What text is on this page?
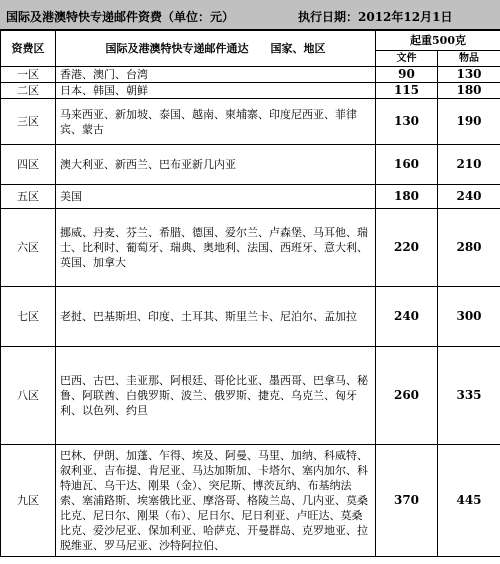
国际及港澳特快专递邮件资费（单位：元）	执行日期：2012年12月1日
资费区	国际及港澳特快专递邮件通达　　国家、地区	起重500克	
		文件	物品
一区	香港、澳门、台湾	90	130
二区	日本、韩国、朝鲜	115	180
三区	马来西亚、新加坡、泰国、越南、柬埔寨、印度尼西亚、菲律宾、蒙古	130	190
四区	澳大利亚、新西兰、巴布亚新几内亚	160	210
五区	美国	180	240
六区	挪威、丹麦、芬兰、希腊、德国、爱尔兰、卢森堡、马耳他、瑞士、比利时、葡萄牙、瑞典、奥地利、法国、西班牙、意大利、英国、加拿大	220	280
七区	老挝、巴基斯坦、印度、土耳其、斯里兰卡、尼泊尔、孟加拉	240	300
八区	巴西、古巴、圭亚那、阿根廷、哥伦比亚、墨西哥、巴拿马、秘鲁、阿联酋、白俄罗斯、波兰、俄罗斯、捷克、乌克兰、匈牙利、以色列、约旦	260	335
九区	巴林、伊朗、加蓬、乍得、埃及、阿曼、马里、加纳、科威特、叙利亚、吉布提、肯尼亚、马达加斯加、卡塔尔、塞内加尔、科特迪瓦、乌干达、刚果（金）、突尼斯、博茨瓦纳、布基纳法索、塞浦路斯、埃塞俄比亚、摩洛哥、格陵兰岛、几内亚、莫桑比克、尼日尔、刚果（布）、尼日尔、尼日利亚、卢旺达、莫桑比克、爱沙尼亚、保加利亚、哈萨克、开曼群岛、克罗地亚、拉脱维亚、罗马尼亚、沙特阿拉伯、	370	445
